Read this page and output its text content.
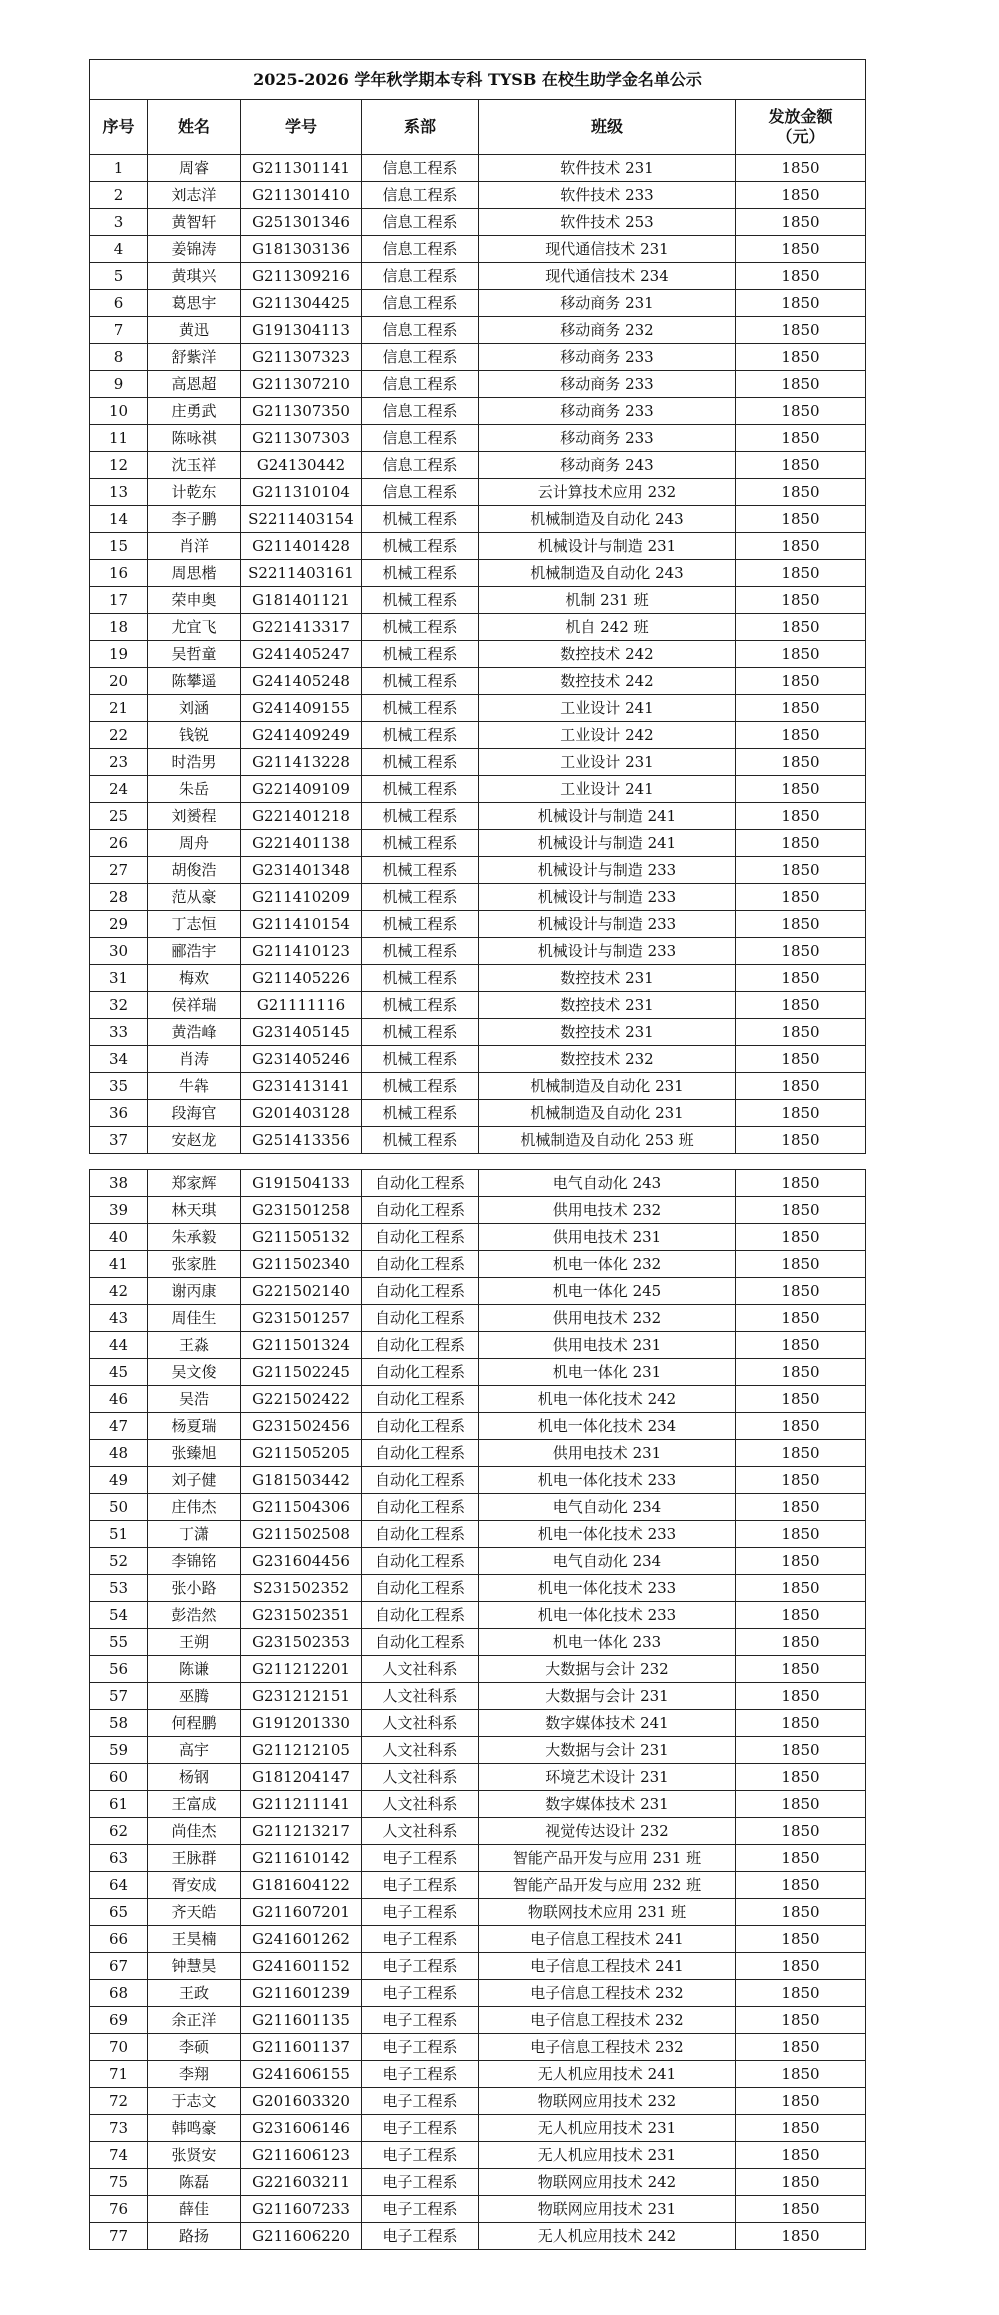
2025-2026 学年秋学期本专科 TYSB 在校生助学金名单公示					
序号	姓名	学号	系部	班级	发放金额
（元）
1	周睿	G211301141	信息工程系	软件技术 231	1850
2	刘志洋	G211301410	信息工程系	软件技术 233	1850
3	黄智轩	G251301346	信息工程系	软件技术 253	1850
4	姜锦涛	G181303136	信息工程系	现代通信技术 231	1850
5	黄琪兴	G211309216	信息工程系	现代通信技术 234	1850
6	葛思宇	G211304425	信息工程系	移动商务 231	1850
7	黄迅	G191304113	信息工程系	移动商务 232	1850
8	舒紫洋	G211307323	信息工程系	移动商务 233	1850
9	高恩超	G211307210	信息工程系	移动商务 233	1850
10	庄勇武	G211307350	信息工程系	移动商务 233	1850
11	陈咏祺	G211307303	信息工程系	移动商务 233	1850
12	沈玉祥	G24130442	信息工程系	移动商务 243	1850
13	计乾东	G211310104	信息工程系	云计算技术应用 232	1850
14	李子鹏	S2211403154	机械工程系	机械制造及自动化 243	1850
15	肖洋	G211401428	机械工程系	机械设计与制造 231	1850
16	周思楷	S2211403161	机械工程系	机械制造及自动化 243	1850
17	荣申奥	G181401121	机械工程系	机制 231 班	1850
18	尤宜飞	G221413317	机械工程系	机自 242 班	1850
19	吴哲童	G241405247	机械工程系	数控技术 242	1850
20	陈攀遥	G241405248	机械工程系	数控技术 242	1850
21	刘涵	G241409155	机械工程系	工业设计 241	1850
22	钱锐	G241409249	机械工程系	工业设计 242	1850
23	时浩男	G211413228	机械工程系	工业设计 231	1850
24	朱岳	G221409109	机械工程系	工业设计 241	1850
25	刘赟程	G221401218	机械工程系	机械设计与制造 241	1850
26	周舟	G221401138	机械工程系	机械设计与制造 241	1850
27	胡俊浩	G231401348	机械工程系	机械设计与制造 233	1850
28	范从豪	G211410209	机械工程系	机械设计与制造 233	1850
29	丁志恒	G211410154	机械工程系	机械设计与制造 233	1850
30	郦浩宇	G211410123	机械工程系	机械设计与制造 233	1850
31	梅欢	G211405226	机械工程系	数控技术 231	1850
32	侯祥瑞	G21111116	机械工程系	数控技术 231	1850
33	黄浩峰	G231405145	机械工程系	数控技术 231	1850
34	肖涛	G231405246	机械工程系	数控技术 232	1850
35	牛犇	G231413141	机械工程系	机械制造及自动化 231	1850
36	段海官	G201403128	机械工程系	机械制造及自动化 231	1850
37	安赵龙	G251413356	机械工程系	机械制造及自动化 253 班	1850
38	郑家辉	G191504133	自动化工程系	电气自动化 243	1850
39	林天琪	G231501258	自动化工程系	供用电技术 232	1850
40	朱承毅	G211505132	自动化工程系	供用电技术 231	1850
41	张家胜	G211502340	自动化工程系	机电一体化 232	1850
42	谢丙康	G221502140	自动化工程系	机电一体化 245	1850
43	周佳生	G231501257	自动化工程系	供用电技术 232	1850
44	王淼	G211501324	自动化工程系	供用电技术 231	1850
45	吴文俊	G211502245	自动化工程系	机电一体化 231	1850
46	吴浩	G221502422	自动化工程系	机电一体化技术 242	1850
47	杨夏瑞	G231502456	自动化工程系	机电一体化技术 234	1850
48	张臻旭	G211505205	自动化工程系	供用电技术 231	1850
49	刘子健	G181503442	自动化工程系	机电一体化技术 233	1850
50	庄伟杰	G211504306	自动化工程系	电气自动化 234	1850
51	丁潇	G211502508	自动化工程系	机电一体化技术 233	1850
52	李锦铭	G231604456	自动化工程系	电气自动化 234	1850
53	张小路	S231502352	自动化工程系	机电一体化技术 233	1850
54	彭浩然	G231502351	自动化工程系	机电一体化技术 233	1850
55	王朔	G231502353	自动化工程系	机电一体化 233	1850
56	陈谦	G211212201	人文社科系	大数据与会计 232	1850
57	巫腾	G231212151	人文社科系	大数据与会计 231	1850
58	何程鹏	G191201330	人文社科系	数字媒体技术 241	1850
59	高宇	G211212105	人文社科系	大数据与会计 231	1850
60	杨钢	G181204147	人文社科系	环境艺术设计 231	1850
61	王富成	G211211141	人文社科系	数字媒体技术 231	1850
62	尚佳杰	G211213217	人文社科系	视觉传达设计 232	1850
63	王脉群	G211610142	电子工程系	智能产品开发与应用 231 班	1850
64	胥安成	G181604122	电子工程系	智能产品开发与应用 232 班	1850
65	齐天皓	G211607201	电子工程系	物联网技术应用 231 班	1850
66	王昊楠	G241601262	电子工程系	电子信息工程技术 241	1850
67	钟慧昊	G241601152	电子工程系	电子信息工程技术 241	1850
68	王政	G211601239	电子工程系	电子信息工程技术 232	1850
69	余正洋	G211601135	电子工程系	电子信息工程技术 232	1850
70	李硕	G211601137	电子工程系	电子信息工程技术 232	1850
71	李翔	G241606155	电子工程系	无人机应用技术 241	1850
72	于志文	G201603320	电子工程系	物联网应用技术 232	1850
73	韩鸣豪	G231606146	电子工程系	无人机应用技术 231	1850
74	张贤安	G211606123	电子工程系	无人机应用技术 231	1850
75	陈磊	G221603211	电子工程系	物联网应用技术 242	1850
76	薛佳	G211607233	电子工程系	物联网应用技术 231	1850
77	路扬	G211606220	电子工程系	无人机应用技术 242	1850
